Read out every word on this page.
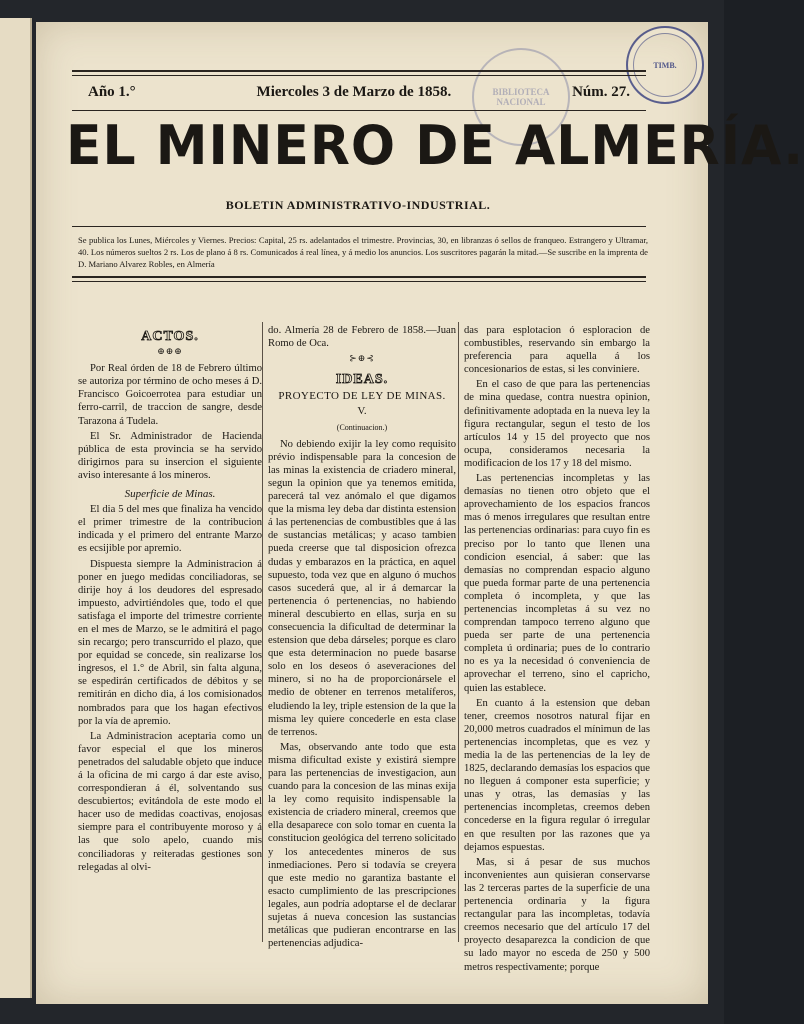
BIBLIOTECA NACIONAL
TIMB.
Año 1.°	Miercoles 3 de Marzo de 1858.	Núm. 27.
EL MINERO DE ALMERÍA.
BOLETIN ADMINISTRATIVO-INDUSTRIAL.
Se publica los Lunes, Miércoles y Viernes. Precios: Capital, 25 rs. adelantados el trimestre. Provincias, 30, en libranzas ó sellos de franqueo. Estrangero y Ultramar, 40. Los números sueltos 2 rs. Los de plano á 8 rs. Comunicados á real línea, y á medio los anuncios. Los suscritores pagarán la mitad.—Se suscribe en la imprenta de D. Mariano Alvarez Robles, en Almería
ACTOS.
⊕⊕⊕

Por Real órden de 18 de Febrero último se autoriza por término de ocho meses á D. Francisco Goicoerrotea para estudiar un ferro-carril, de traccion de sangre, desde Tarazona á Tudela.

El Sr. Administrador de Hacienda pública de esta provincia se ha servido dirigirnos para su insercion el siguiente aviso interesante á los mineros.

Superficie de Minas.

El dia 5 del mes que finaliza ha vencido el primer trimestre de la contribucion indicada y el primero del entrante Marzo es ecsijible por apremio.

Dispuesta siempre la Administracion á poner en juego medidas conciliadoras, se dirije hoy á los deudores del espresado impuesto, advirtiéndoles que, todo el que satisfaga el importe del trimestre corriente en el mes de Marzo, se le admitirá el pago sin recargo; pero transcurrido el plazo, que por equidad se concede, sin realizarse los ingresos, el 1.° de Abril, sin falta alguna, se espedirán certificados de débitos y se remitirán en dicho dia, á los comisionados nombrados para que los hagan efectivos por la vía de apremio.

La Administracion aceptaria como un favor especial el que los mineros penetrados del saludable objeto que induce á la oficina de mi cargo á dar este aviso, correspondieran á él, solventando sus descubiertos; evitándola de este modo el hacer uso de medidas coactivas, enojosas siempre para el contribuyente moroso y á las que solo apelo, cuando mis conciliadoras y reiteradas gestiones son relegadas al olvi-

do. Almería 28 de Febrero de 1858.—Juan Romo de Oca.

⊱⊕⊰
IDEAS.
PROYECTO DE LEY DE MINAS.
V.
(Continuacion.)

No debiendo exijir la ley como requisito prévio indispensable para la concesion de las minas la existencia de criadero mineral, segun la opinion que ya tenemos emitida, parecerá tal vez anómalo el que digamos que la misma ley deba dar distinta estension á las pertenencias de combustibles que á las de sustancias metálicas; y acaso tambien pueda creerse que tal disposicion ofrezca dudas y embarazos en la práctica, en aquel supuesto, toda vez que en alguno ó muchos casos sucederá que, al ir á demarcar la pertenencia ó pertenencias, no habiendo mineral descubierto en ellas, surja en su consecuencia la dificultad de determinar la estension que deba dárseles; porque es claro que esta determinacion no puede basarse solo en los deseos ó aseveraciones del minero, si no ha de proporcionársele el medio de obtener en terrenos metalíferos, eludiendo la ley, triple estension de la que la misma ley quiere concederle en esta clase de terrenos.

Mas, observando ante todo que esta misma dificultad existe y existirá siempre para las pertenencias de investigacion, aun cuando para la concesion de las minas exija la ley como requisito indispensable la existencia de criadero mineral, creemos que ella desaparece con solo tomar en cuenta la constitucion geológica del terreno solicitado y los antecedentes mineros de sus inmediaciones. Pero si todavía se creyera que este medio no garantiza bastante el esacto cumplimiento de las prescripciones legales, aun podría adoptarse el de declarar sujetas á nueva concesion las sustancias metálicas que pudieran encontrarse en las pertenencias adjudica-

das para esplotacion ó esploracion de combustibles, reservando sin embargo la preferencia para aquella á los concesionarios de estas, si les conviniere.

En el caso de que para las pertenencias de mina quedase, contra nuestra opinion, definitivamente adoptada en la nueva ley la figura rectangular, segun el testo de los artículos 14 y 15 del proyecto que nos ocupa, consideramos necesaria la modificacion de los 17 y 18 del mismo.

Las pertenencias incompletas y las demasías no tienen otro objeto que el aprovechamiento de los espacios francos mas ó menos irregulares que resultan entre las pertenencias ordinarias: para cuyo fin es preciso por lo tanto que llenen una condicion esencial, á saber: que las demasías no comprendan espacio alguno que pueda formar parte de una pertenencia completa ó incompleta, y que las pertenencias incompletas á su vez no comprendan tampoco terreno alguno que pueda ser parte de una pertenencia completa ú ordinaria; pues de lo contrario no es ya la necesidad ó conveniencia de aprovechar el terreno, sino el capricho, quien las establece.

En cuanto á la estension que deban tener, creemos nosotros natural fijar en 20,000 metros cuadrados el mínimun de las pertenencias incompletas, que es vez y media la de las pertenencias de la ley de 1825, declarando demasías los espacios que no lleguen á componer esta superficie; y unas y otras, las demasías y las pertenencias incompletas, creemos deben concederse en la figura regular ó irregular en que resulten por las razones que ya dejamos espuestas.

Mas, si á pesar de sus muchos inconvenientes aun quisieran conservarse las 2 terceras partes de la superficie de una pertenencia ordinaria y la figura rectangular para las incompletas, todavía creemos necesario que del artículo 17 del proyecto desaparezca la condicion de que su lado mayor no esceda de 250 y 500 metros respectivamente; porque
